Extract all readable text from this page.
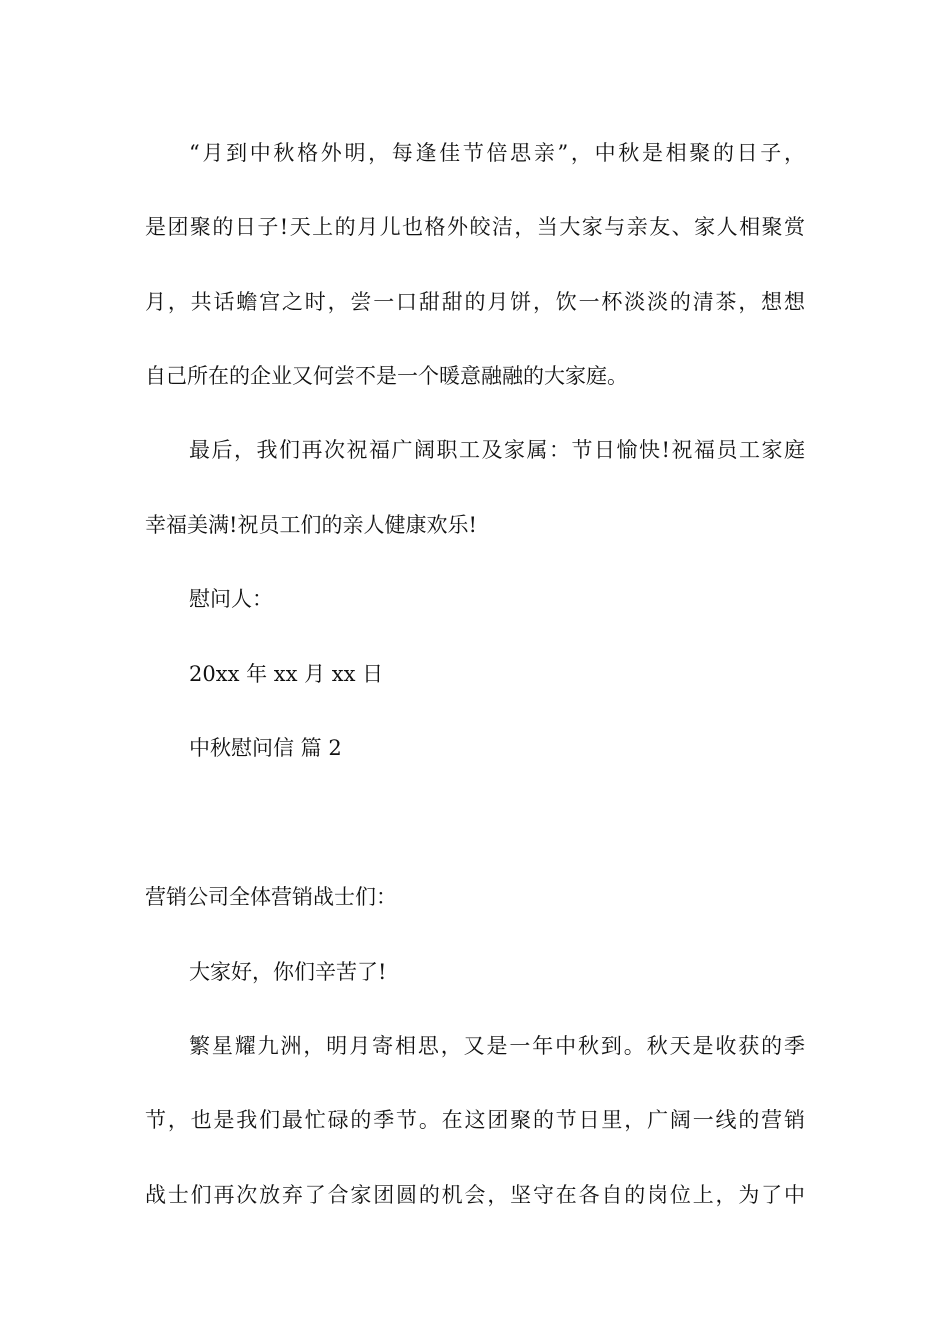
“月到中秋格外明，每逢佳节倍思亲”，中秋是相聚的日子，
是团聚的日子!天上的月儿也格外皎洁，当大家与亲友、家人相聚赏
月，共话蟾宫之时，尝一口甜甜的月饼，饮一杯淡淡的清茶，想想
自己所在的企业又何尝不是一个暖意融融的大家庭。
最后，我们再次祝福广阔职工及家属：节日愉快!祝福员工家庭
幸福美满!祝员工们的亲人健康欢乐!
慰问人：
20xx 年 xx 月 xx 日
中秋慰问信 篇 2
营销公司全体营销战士们：
大家好，你们辛苦了!
繁星耀九洲，明月寄相思，又是一年中秋到。秋天是收获的季
节，也是我们最忙碌的季节。在这团聚的节日里，广阔一线的营销
战士们再次放弃了合家团圆的机会，坚守在各自的岗位上，为了中
